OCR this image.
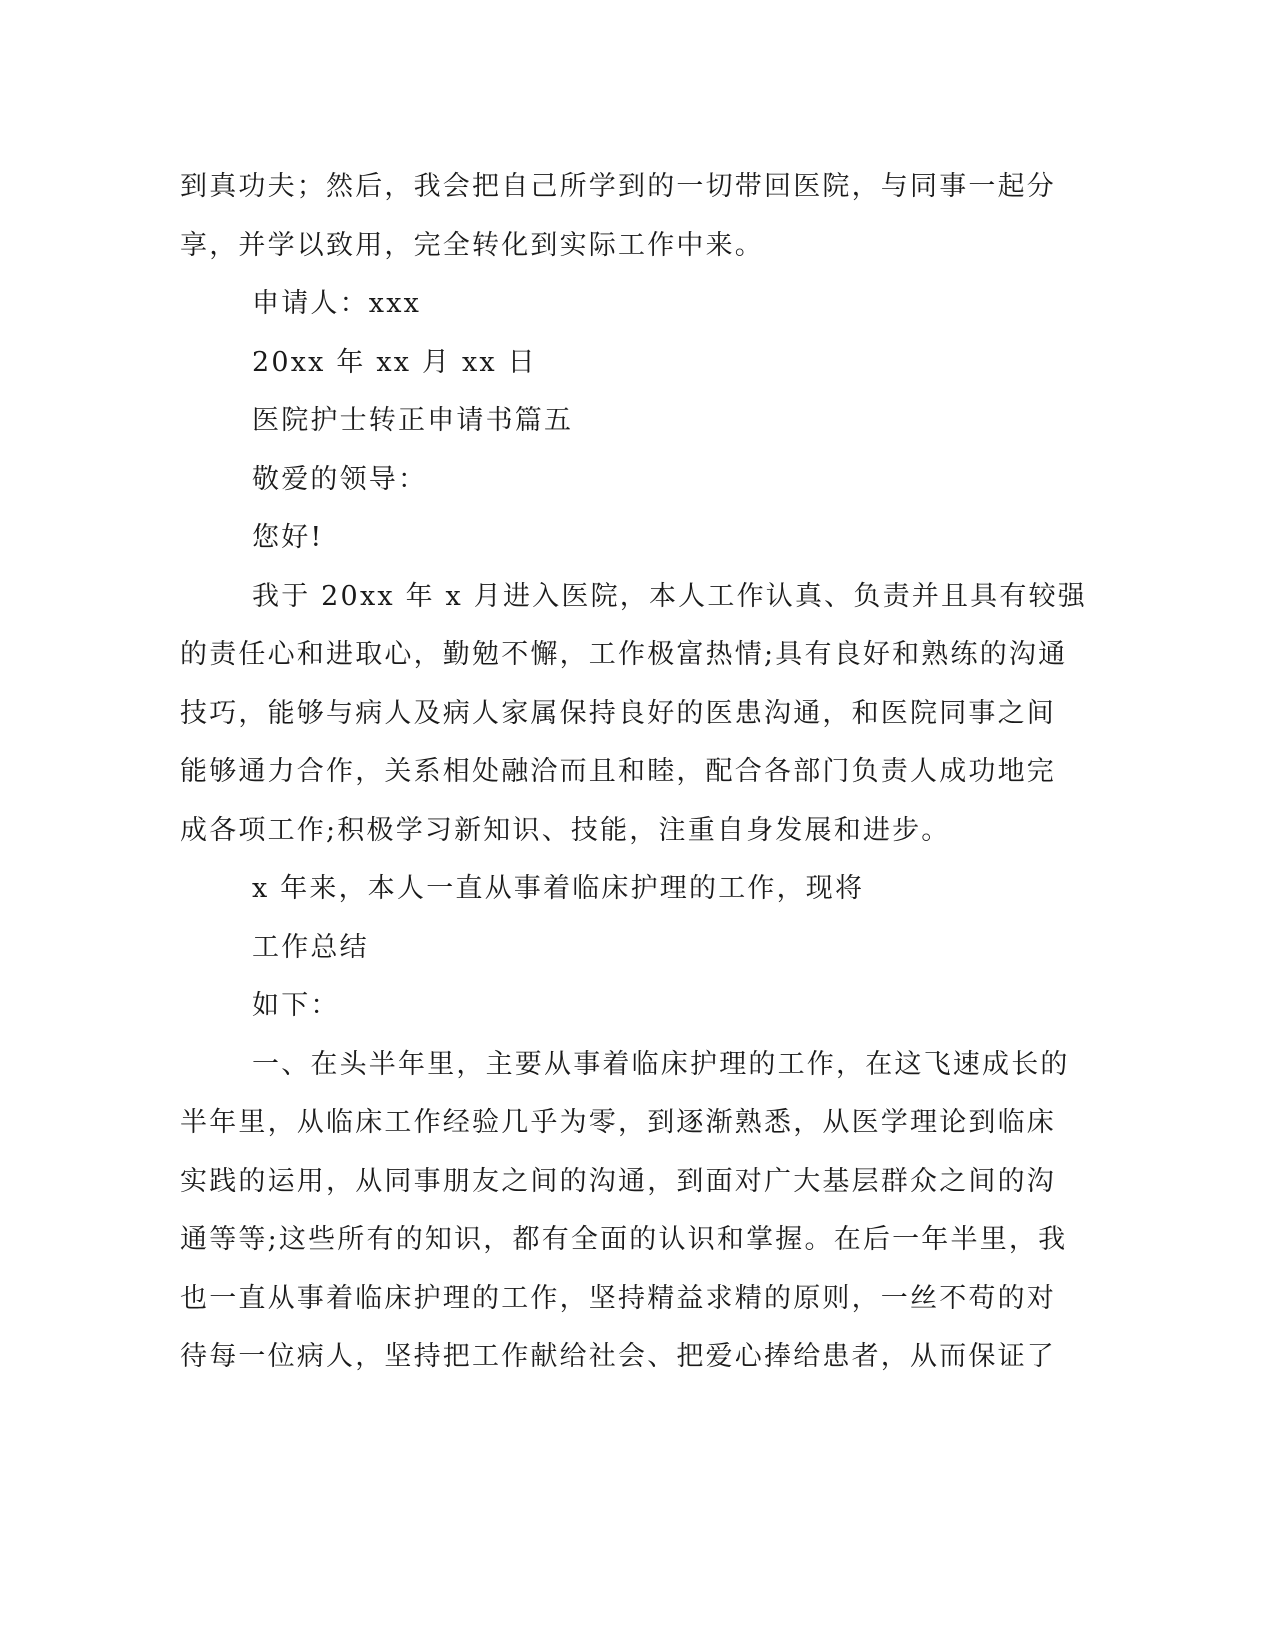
到真功夫；然后，我会把自己所学到的一切带回医院，与同事一起分
享，并学以致用，完全转化到实际工作中来。
申请人：xxx
20xx 年 xx 月 xx 日
医院护士转正申请书篇五
敬爱的领导：
您好!
我于 20xx 年 x 月进入医院，本人工作认真、负责并且具有较强
的责任心和进取心，勤勉不懈，工作极富热情;具有良好和熟练的沟通
技巧，能够与病人及病人家属保持良好的医患沟通，和医院同事之间
能够通力合作，关系相处融洽而且和睦，配合各部门负责人成功地完
成各项工作;积极学习新知识、技能，注重自身发展和进步。
x 年来，本人一直从事着临床护理的工作，现将
工作总结
如下：
一、在头半年里，主要从事着临床护理的工作，在这飞速成长的
半年里，从临床工作经验几乎为零，到逐渐熟悉，从医学理论到临床
实践的运用，从同事朋友之间的沟通，到面对广大基层群众之间的沟
通等等;这些所有的知识，都有全面的认识和掌握。在后一年半里，我
也一直从事着临床护理的工作，坚持精益求精的原则，一丝不苟的对
待每一位病人，坚持把工作献给社会、把爱心捧给患者，从而保证了
